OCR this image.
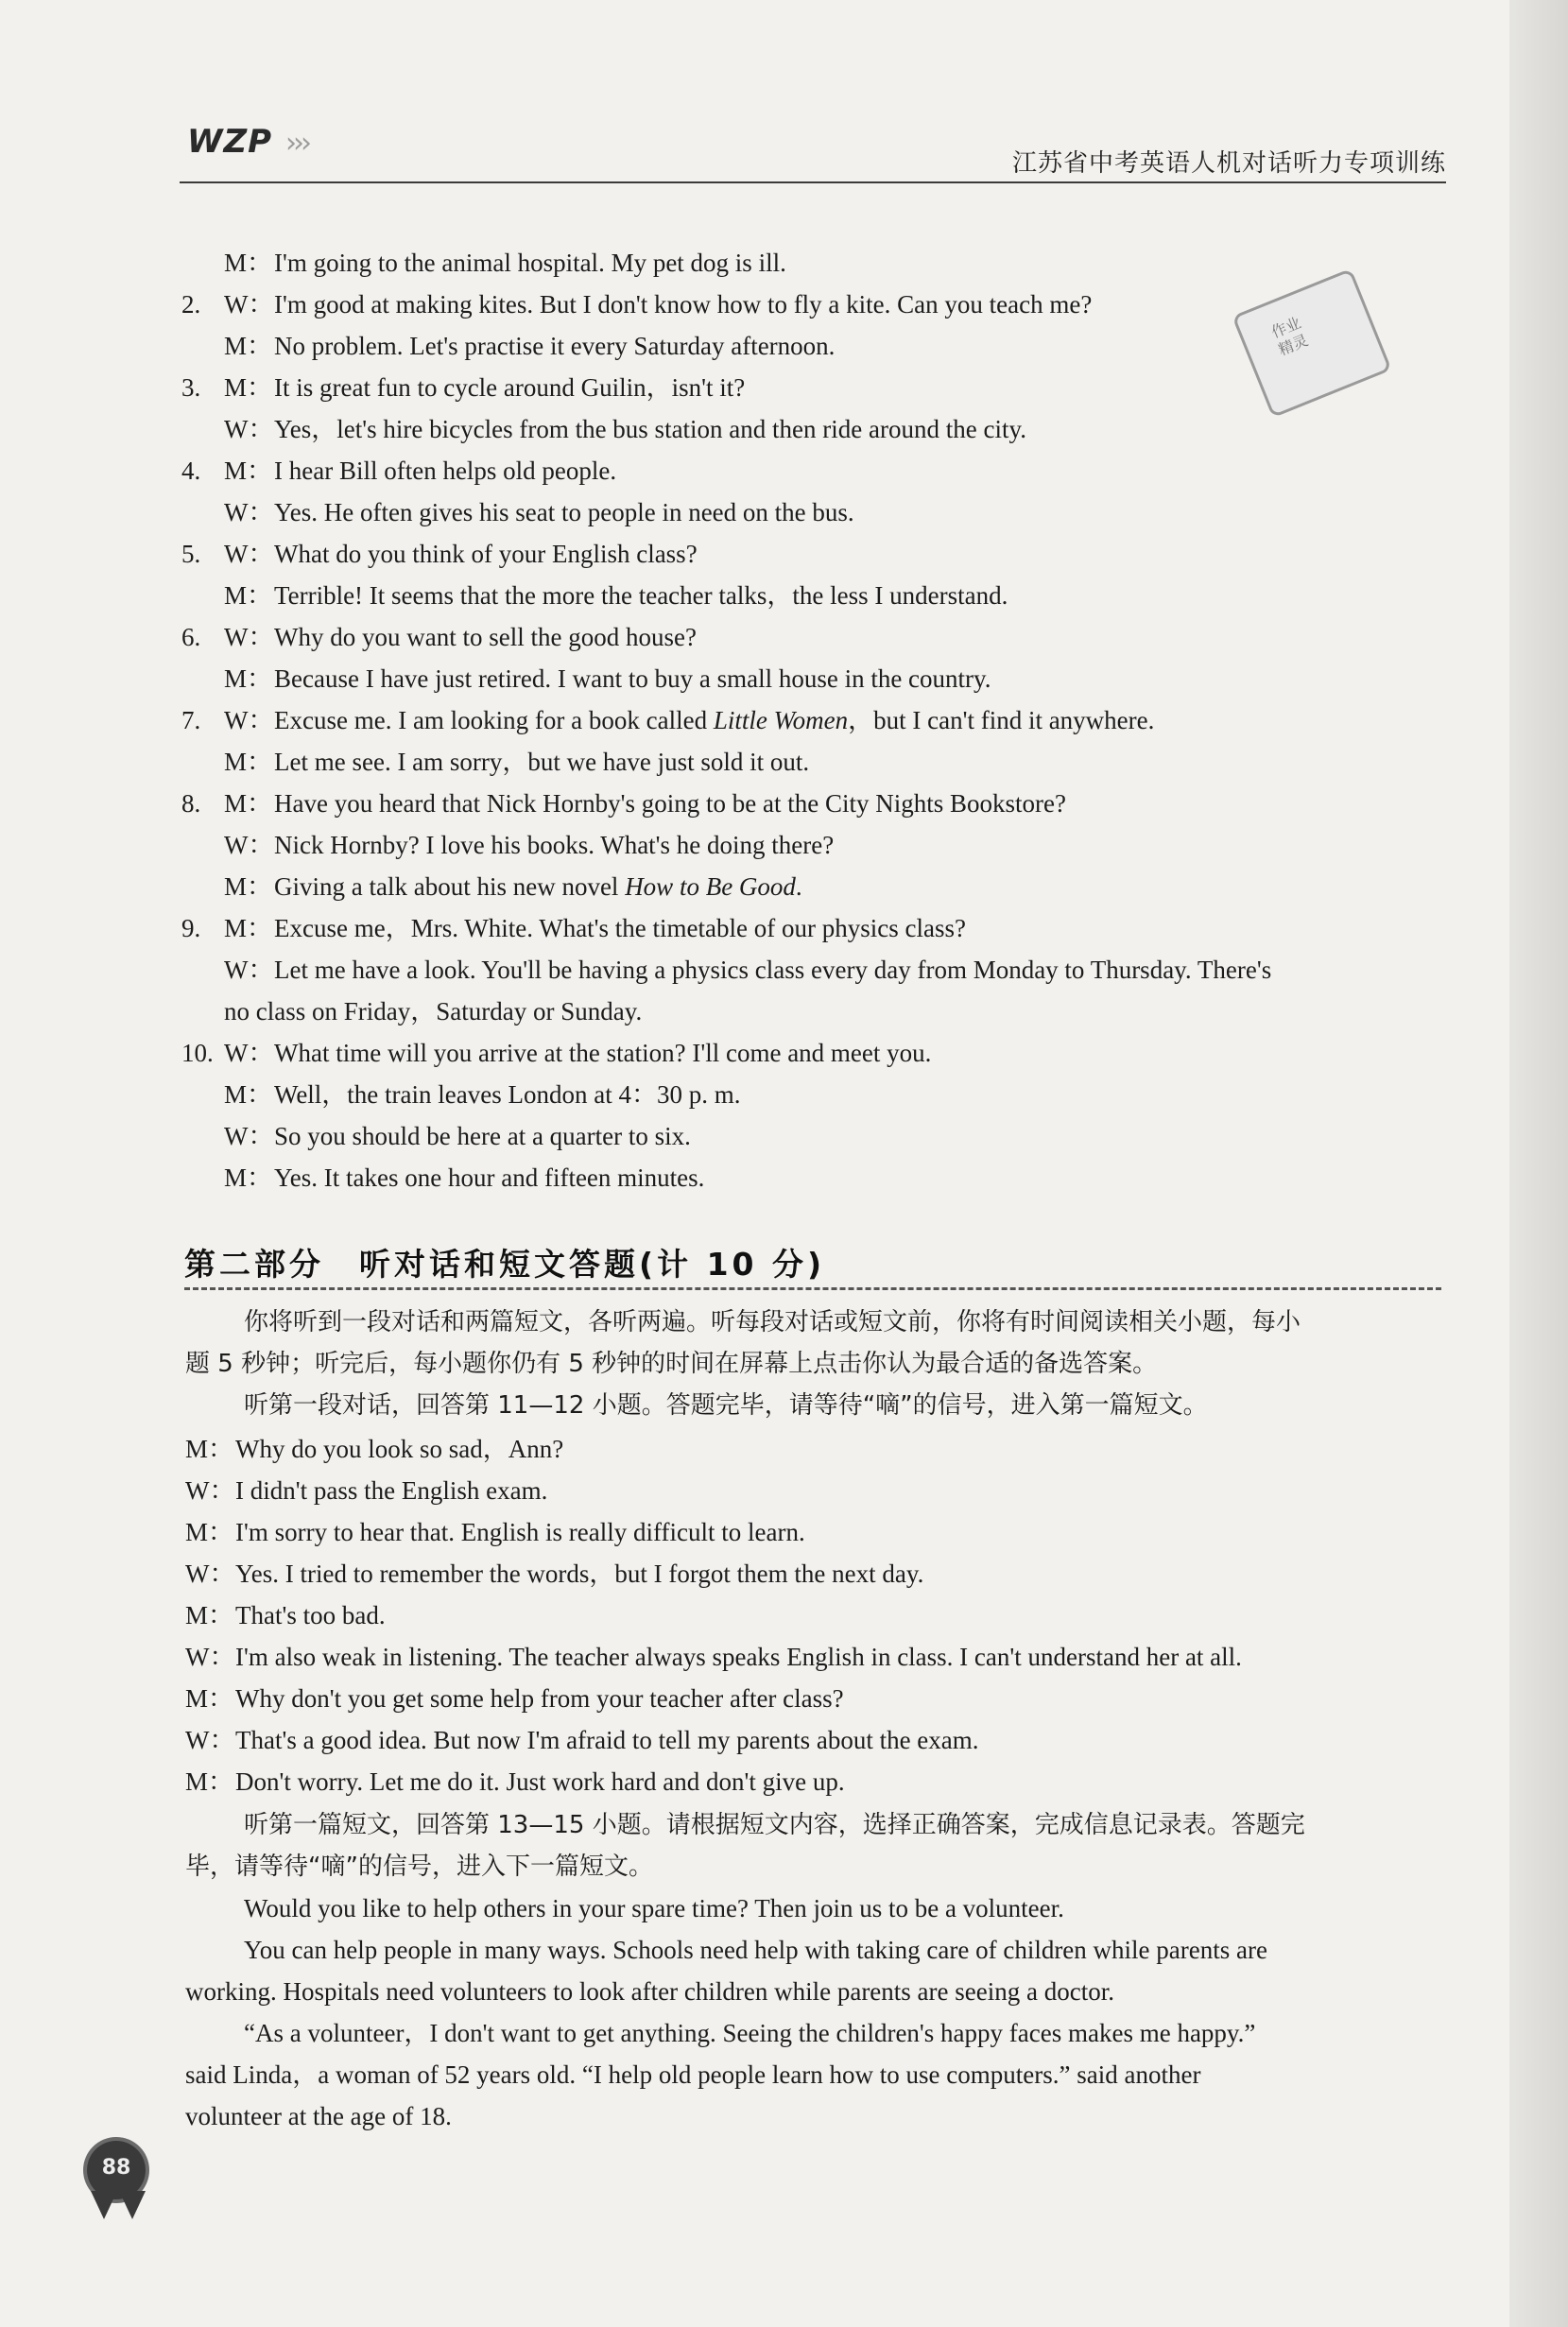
WZP ›››
江苏省中考英语人机对话听力专项训练
作业
精灵
M： I'm going to the animal hospital. My pet dog is ill.
2. W： I'm good at making kites. But I don't know how to fly a kite. Can you teach me?
M： No problem. Let's practise it every Saturday afternoon.
3. M： It is great fun to cycle around Guilin，isn't it?
W： Yes，let's hire bicycles from the bus station and then ride around the city.
4. M： I hear Bill often helps old people.
W： Yes. He often gives his seat to people in need on the bus.
5. W： What do you think of your English class?
M： Terrible! It seems that the more the teacher talks，the less I understand.
6. W： Why do you want to sell the good house?
M： Because I have just retired. I want to buy a small house in the country.
7. W： Excuse me. I am looking for a book called Little Women，but I can't find it anywhere.
M： Let me see. I am sorry，but we have just sold it out.
8. M： Have you heard that Nick Hornby's going to be at the City Nights Bookstore?
W： Nick Hornby? I love his books. What's he doing there?
M： Giving a talk about his new novel How to Be Good.
9. M： Excuse me，Mrs. White. What's the timetable of our physics class?
W： Let me have a look. You'll be having a physics class every day from Monday to Thursday. There's
no class on Friday，Saturday or Sunday.
10. W： What time will you arrive at the station? I'll come and meet you.
M： Well，the train leaves London at 4：30 p. m.
W： So you should be here at a quarter to six.
M： Yes. It takes one hour and fifteen minutes.
第二部分　听对话和短文答题(计 10 分)
你将听到一段对话和两篇短文，各听两遍。听每段对话或短文前，你将有时间阅读相关小题，每小
题 5 秒钟；听完后，每小题你仍有 5 秒钟的时间在屏幕上点击你认为最合适的备选答案。
听第一段对话，回答第 11—12 小题。答题完毕，请等待“嘀”的信号，进入第一篇短文。
M： Why do you look so sad，Ann?
W： I didn't pass the English exam.
M： I'm sorry to hear that. English is really difficult to learn.
W： Yes. I tried to remember the words，but I forgot them the next day.
M： That's too bad.
W： I'm also weak in listening. The teacher always speaks English in class. I can't understand her at all.
M： Why don't you get some help from your teacher after class?
W： That's a good idea. But now I'm afraid to tell my parents about the exam.
M： Don't worry. Let me do it. Just work hard and don't give up.
听第一篇短文，回答第 13—15 小题。请根据短文内容，选择正确答案，完成信息记录表。答题完
毕，请等待“嘀”的信号，进入下一篇短文。
Would you like to help others in your spare time? Then join us to be a volunteer.
You can help people in many ways. Schools need help with taking care of children while parents are
working. Hospitals need volunteers to look after children while parents are seeing a doctor.
“As a volunteer，I don't want to get anything. Seeing the children's happy faces makes me happy.”
said Linda，a woman of 52 years old. “I help old people learn how to use computers.” said another
volunteer at the age of 18.
88
